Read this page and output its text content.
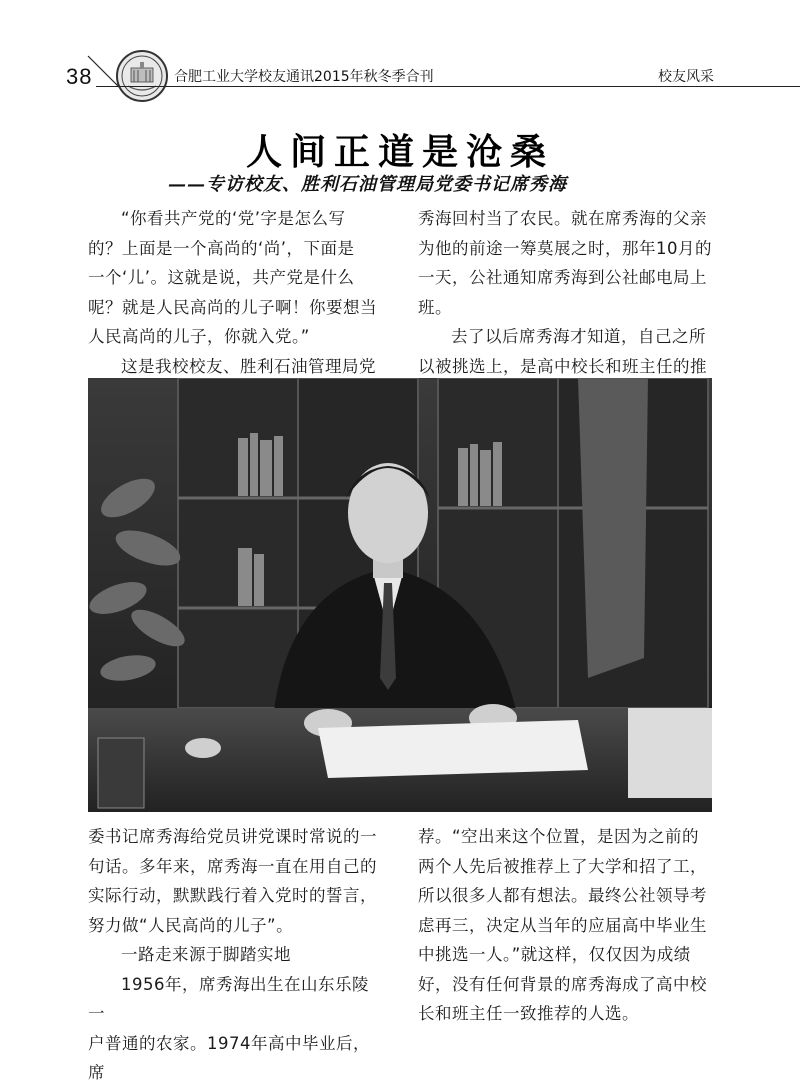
38	合肥工业大学校友通讯2015年秋冬季合刊	校友风采
人间正道是沧桑
——专访校友、胜利石油管理局党委书记席秀海

“你看共产党的‘党’字是怎么写

的？上面是一个高尚的‘尚’，下面是

一个‘儿’。这就是说，共产党是什么

呢？就是人民高尚的儿子啊！你要想当

人民高尚的儿子，你就入党。”

这是我校校友、胜利石油管理局党

秀海回村当了农民。就在席秀海的父亲

为他的前途一筹莫展之时，那年10月的

一天，公社通知席秀海到公社邮电局上

班。

去了以后席秀海才知道，自己之所

以被挑选上，是高中校长和班主任的推

委书记席秀海给党员讲党课时常说的一

句话。多年来，席秀海一直在用自己的

实际行动，默默践行着入党时的誓言，

努力做“人民高尚的儿子”。

一路走来源于脚踏实地

1956年，席秀海出生在山东乐陵一

户普通的农家。1974年高中毕业后，席

荐。“空出来这个位置，是因为之前的

两个人先后被推荐上了大学和招了工，

所以很多人都有想法。最终公社领导考

虑再三，决定从当年的应届高中毕业生

中挑选一人。”就这样，仅仅因为成绩

好，没有任何背景的席秀海成了高中校

长和班主任一致推荐的人选。
